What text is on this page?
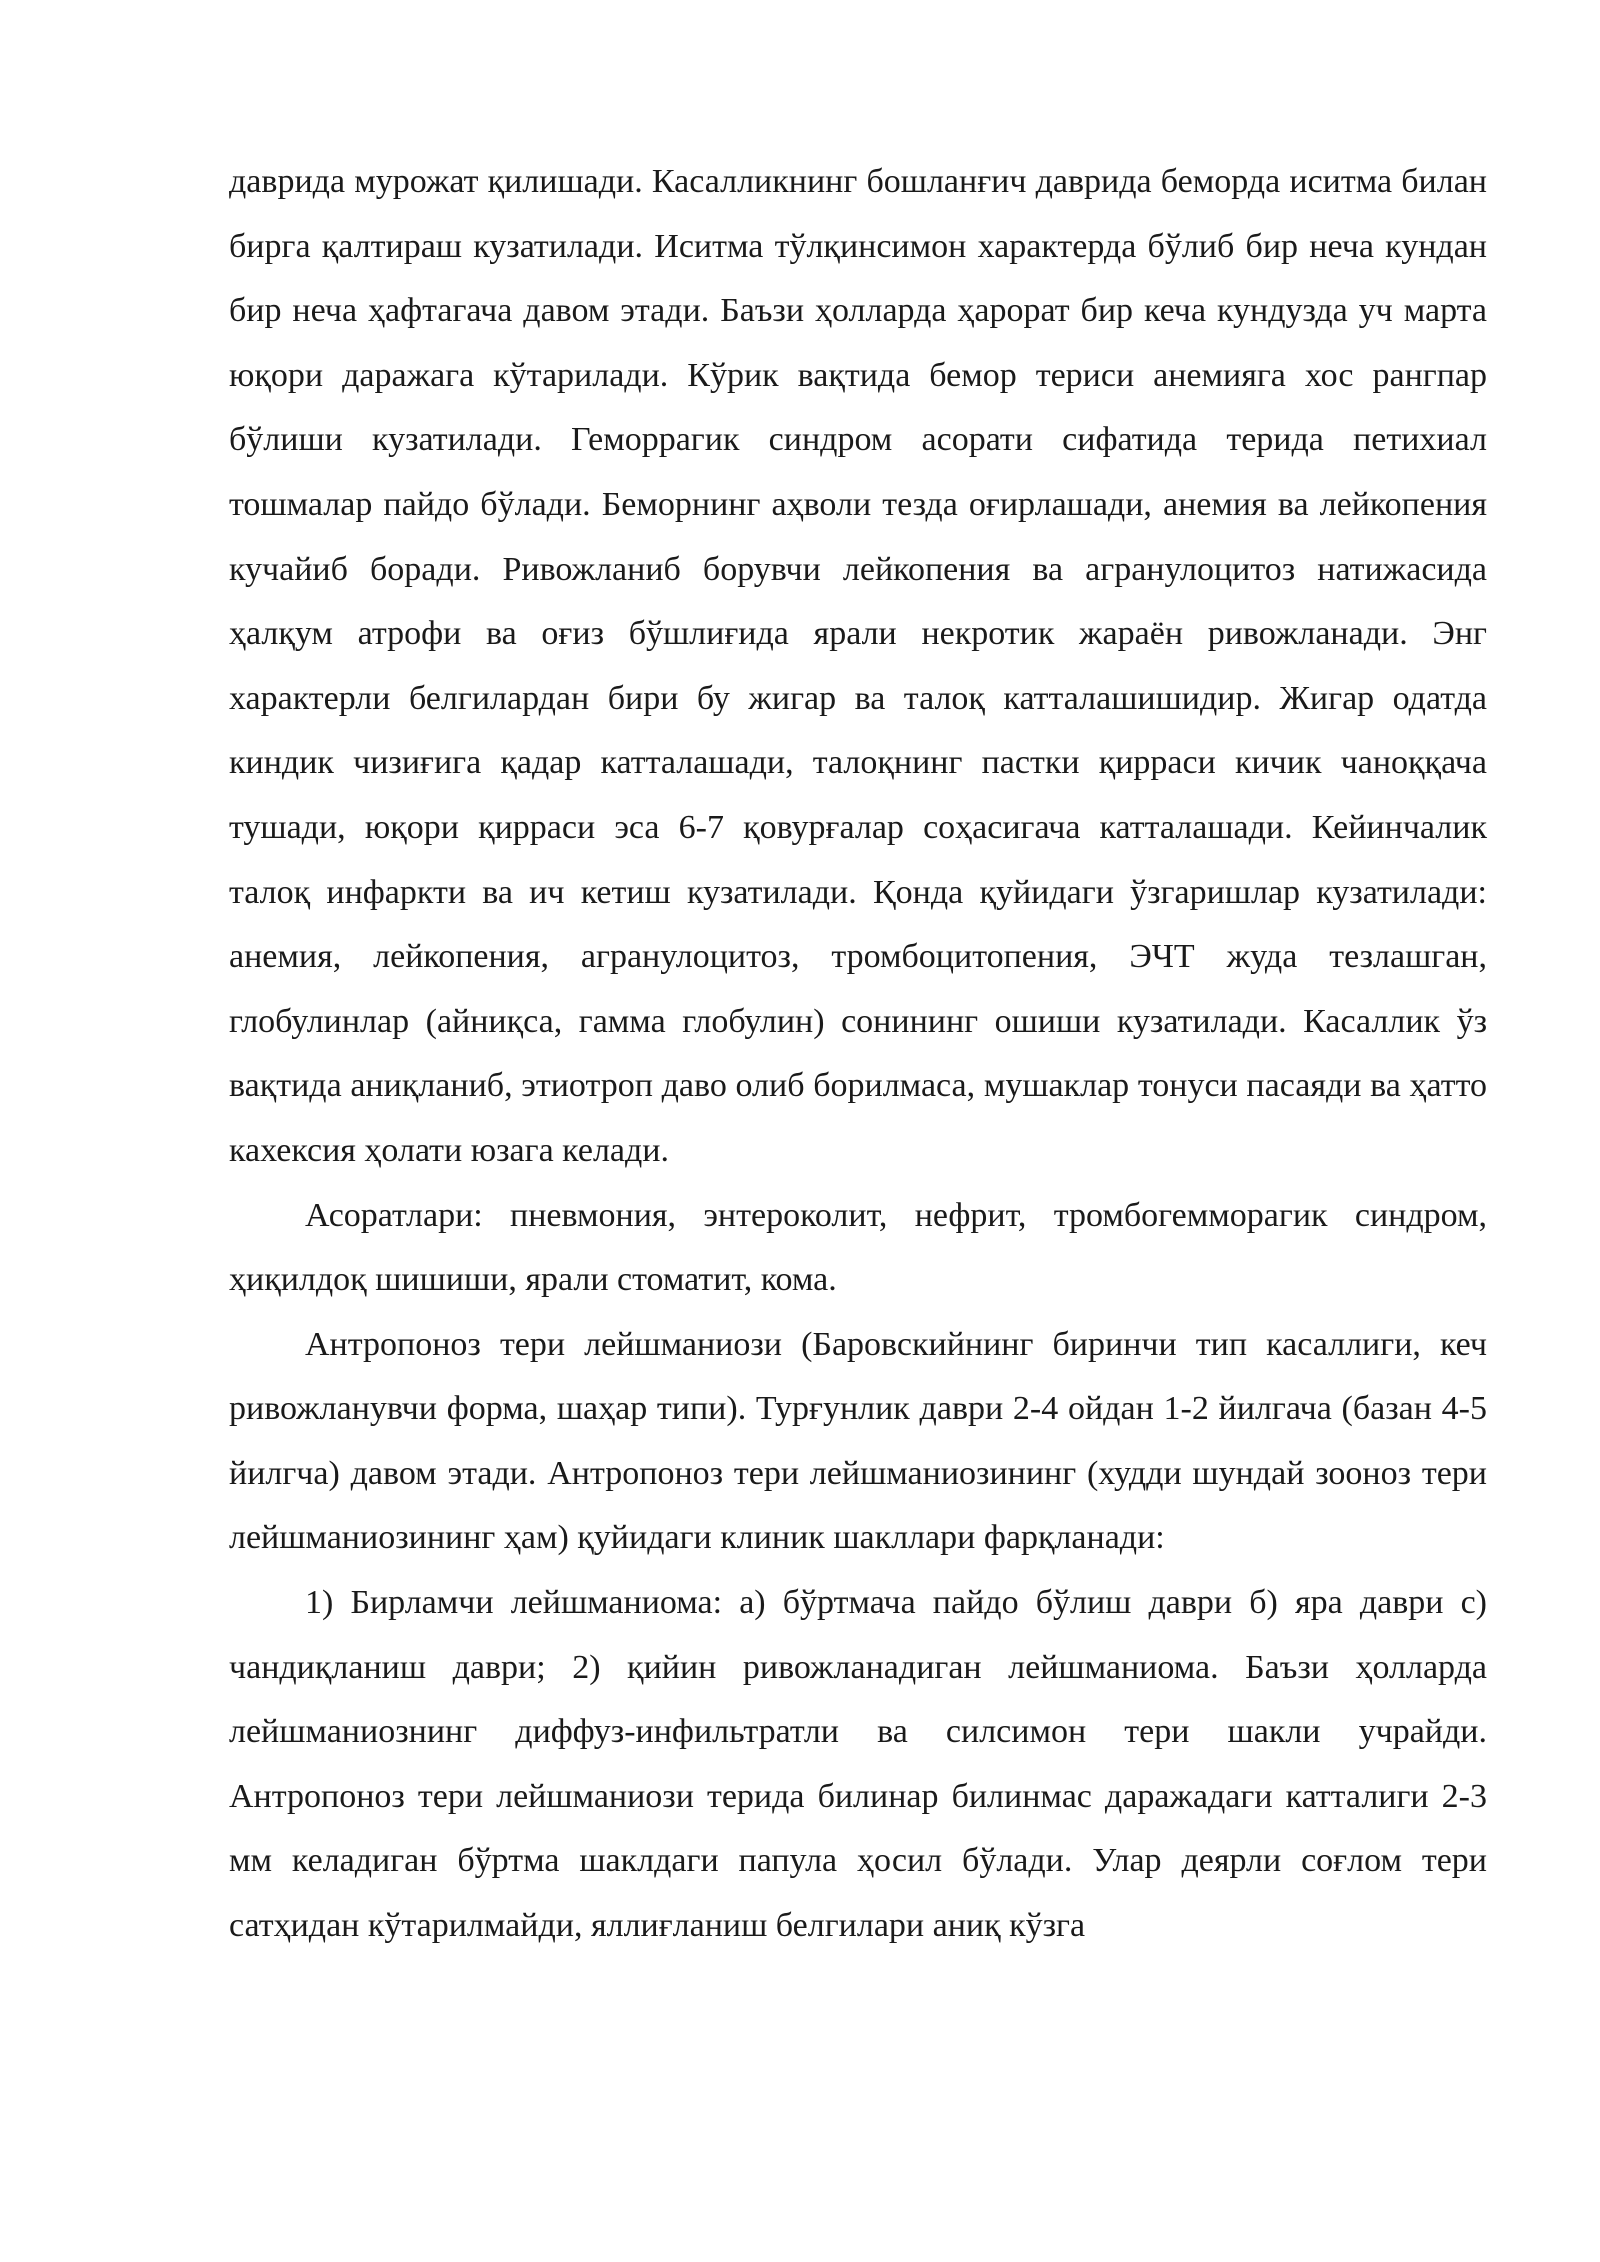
даврида мурожат қилишади. Касалликнинг бошланғич даврида беморда иситма билан бирга қалтираш кузатилади. Иситма тўлқинсимон характерда бўлиб бир неча кундан бир неча ҳафтагача давом этади. Баъзи ҳолларда ҳарорат бир кеча кундузда уч марта юқори даражага кўтарилади. Кўрик вақтида бемор териси анемияга хос рангпар бўлиши кузатилади. Геморрагик синдром асорати сифатида терида петихиал тошмалар пайдо бўлади. Беморнинг аҳволи тезда оғирлашади, анемия ва лейкопения кучайиб боради. Ривожланиб борувчи лейкопения ва агранулоцитоз натижасида ҳалқум атрофи ва оғиз бўшлиғида ярали некротик жараён ривожланади. Энг характерли белгилардан бири бу жигар ва талоқ катталашишидир. Жигар одатда киндик чизиғига қадар катталашади, талоқнинг пастки қирраси кичик чаноққача тушади, юқори қирраси эса 6-7 қовурғалар соҳасигача катталашади. Кейинчалик талоқ инфаркти ва ич кетиш кузатилади. Қонда қуйидаги ўзгаришлар кузатилади: анемия, лейкопения, агранулоцитоз, тромбоцитопения, ЭЧТ жуда тезлашган, глобулинлар (айниқса, гамма глобулин) сонининг ошиши кузатилади. Касаллик ўз вақтида аниқланиб, этиотроп даво олиб борилмаса, мушаклар тонуси пасаяди ва ҳатто кахексия ҳолати юзага келади.

Асоратлари: пневмония, энтероколит, нефрит, тромбогеммoрагик синдром, ҳиқилдоқ шишиши, ярали стоматит, кома.

Антропоноз тери лейшманиози (Баровскийнинг биринчи тип касаллиги, кеч ривожланувчи форма, шаҳар типи). Турғунлик даври 2-4 ойдан 1-2 йилгача (базан 4-5 йилгча) давом этади. Антропоноз тери лейшманиозининг (худди шундай зооноз тери лейшманиозининг ҳам) қуйидаги клиник шакллари фарқланади:

1) Бирламчи лейшманиома: а) бўртмача пайдо бўлиш даври б) яра даври с) чандиқланиш даври; 2) қийин ривожланадиган лейшманиома. Баъзи ҳолларда лейшманиознинг диффуз-инфильтратли ва силсимон тери шакли учрайди. Антропоноз тери лейшманиози терида билинар билинмас даражадаги катталиги 2-3 мм келадиган бўртма шаклдаги папула ҳосил бўлади. Улар деярли соғлом тери сатҳидан кўтарилмайди, яллиғланиш белгилари аниқ кўзга
